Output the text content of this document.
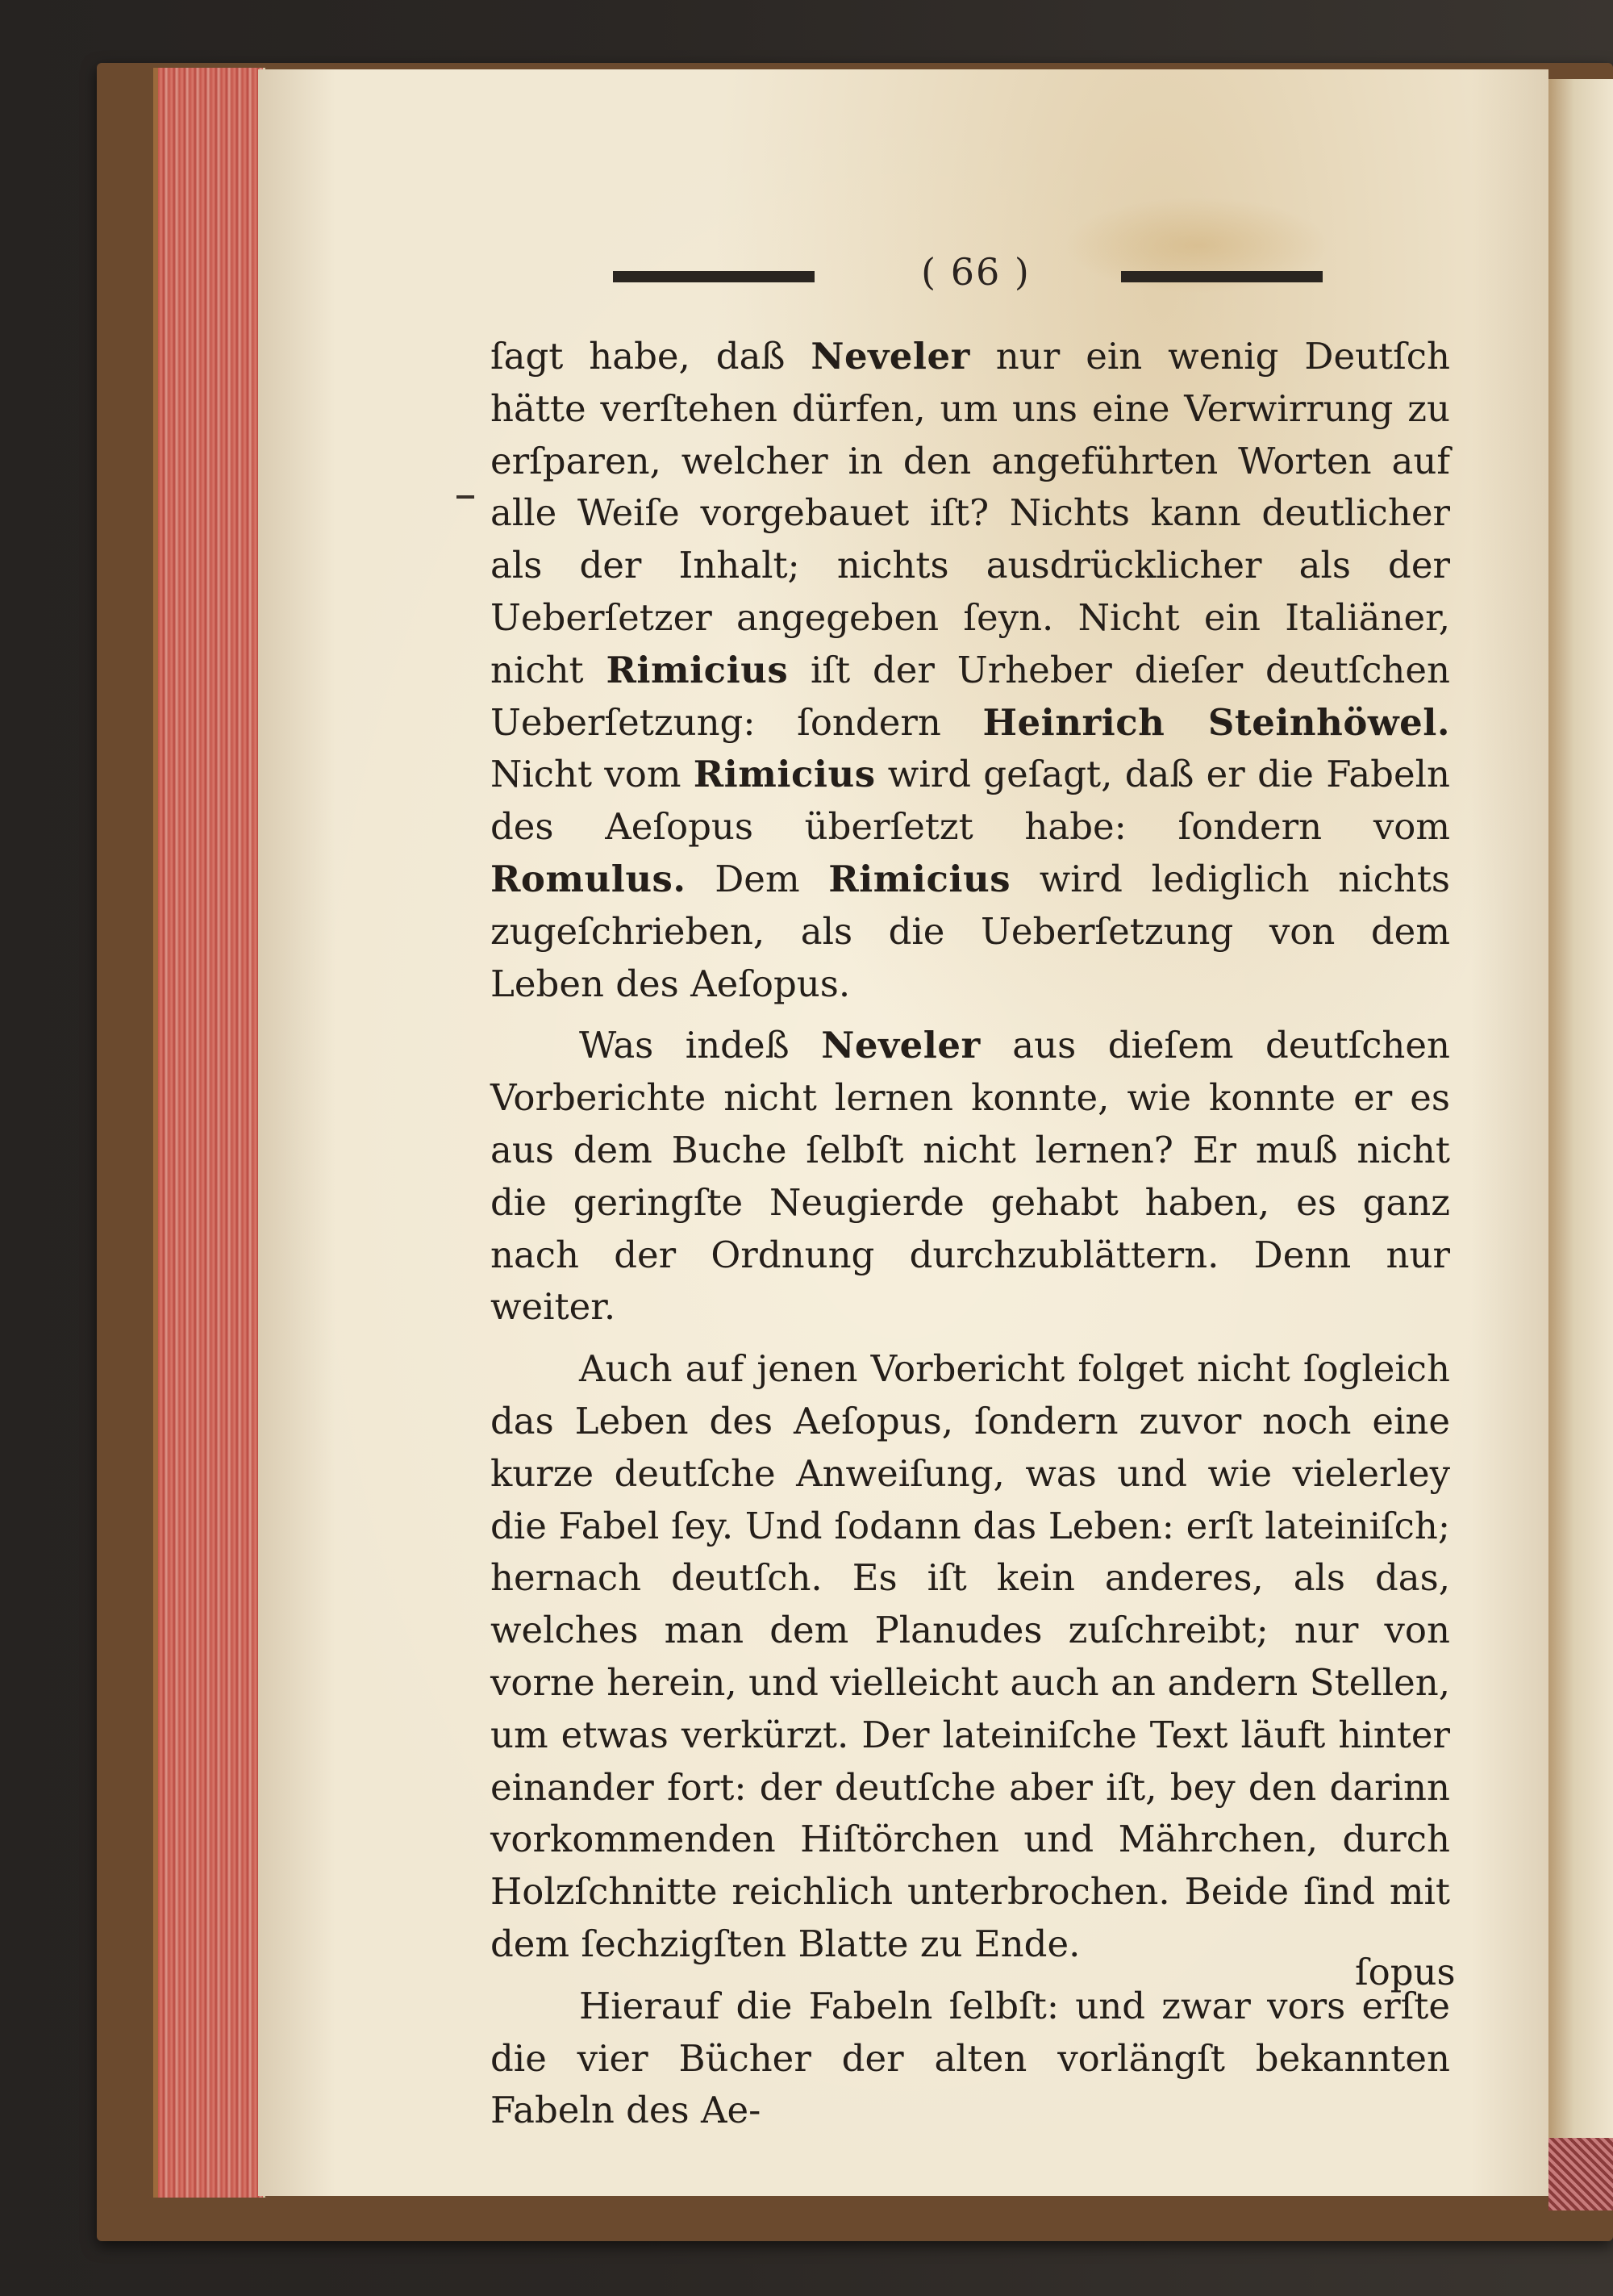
( 66 )

ſagt habe, daß Neveler nur ein wenig Deutſch hätte verſtehen dürfen, um uns eine Verwirrung zu erſparen, welcher in den angeführten Worten auf alle Weiſe vorgebauet iſt? Nichts kann deutlicher als der Inhalt; nichts ausdrücklicher als der Ueberſetzer angegeben ſeyn. Nicht ein Italiäner, nicht Rimicius iſt der Urheber dieſer deutſchen Ueberſetzung: ſondern Heinrich Steinhöwel. Nicht vom Rimicius wird geſagt, daß er die Fabeln des Aeſopus überſetzt habe: ſondern vom Romulus. Dem Rimicius wird lediglich nichts zugeſchrieben, als die Ueberſetzung von dem Leben des Aeſopus.

Was indeß Neveler aus dieſem deutſchen Vorberichte nicht lernen konnte, wie konnte er es aus dem Buche ſelbſt nicht lernen? Er muß nicht die geringſte Neugierde gehabt haben, es ganz nach der Ordnung durchzublättern. Denn nur weiter.

Auch auf jenen Vorbericht folget nicht ſogleich das Leben des Aeſopus, ſondern zuvor noch eine kurze deutſche Anweiſung, was und wie vielerley die Fabel ſey. Und ſodann das Leben: erſt lateiniſch; hernach deutſch. Es iſt kein anderes, als das, welches man dem Planudes zuſchreibt; nur von vorne herein, und vielleicht auch an andern Stellen, um etwas verkürzt. Der lateiniſche Text läuft hinter einander fort: der deutſche aber iſt, bey den darinn vorkommenden Hiſtörchen und Mährchen, durch Holzſchnitte reichlich unterbrochen. Beide ſind mit dem ſechzigſten Blatte zu Ende.

Hierauf die Fabeln ſelbſt: und zwar vors erſte die vier Bücher der alten vorlängſt bekannten Fabeln des Ae-

ſopus
